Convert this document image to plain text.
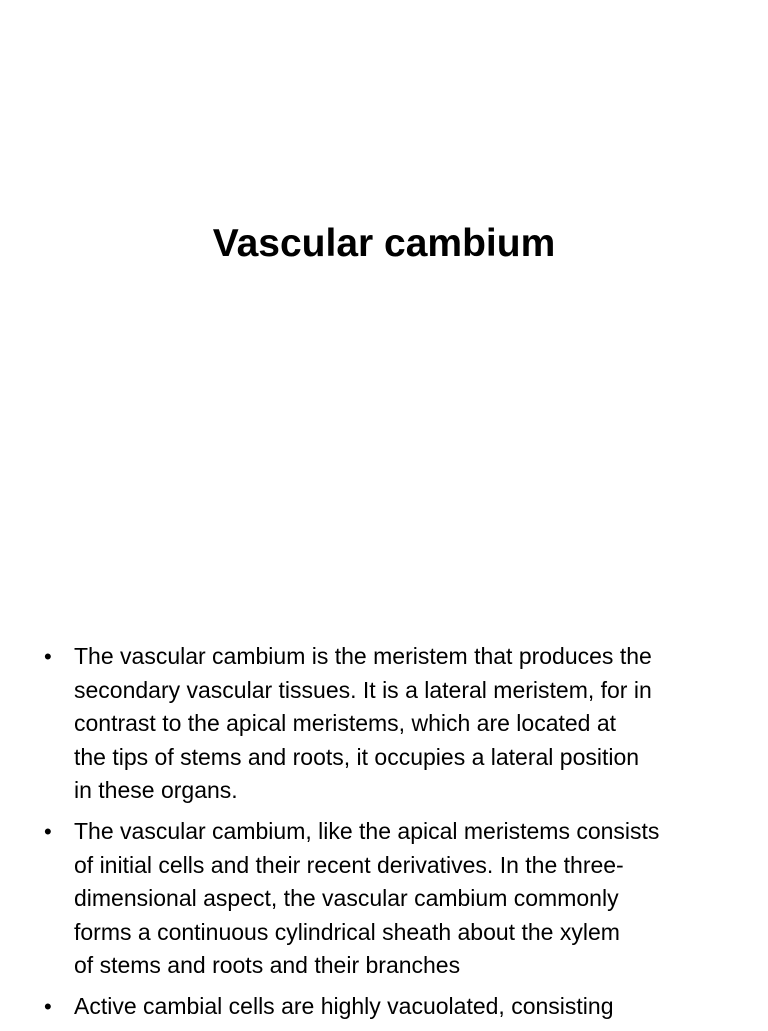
Vascular cambium
• The vascular cambium is the meristem that produces the
secondary vascular tissues. It is a lateral meristem, for in
contrast to the apical meristems, which are located at
the tips of stems and roots, it occupies a lateral position
in these organs.
• The vascular cambium, like the apical meristems consists
of initial cells and their recent derivatives. In the three-
dimensional aspect, the vascular cambium commonly
forms a continuous cylindrical sheath about the xylem
of stems and roots and their branches
• Active cambial cells are highly vacuolated, consisting
